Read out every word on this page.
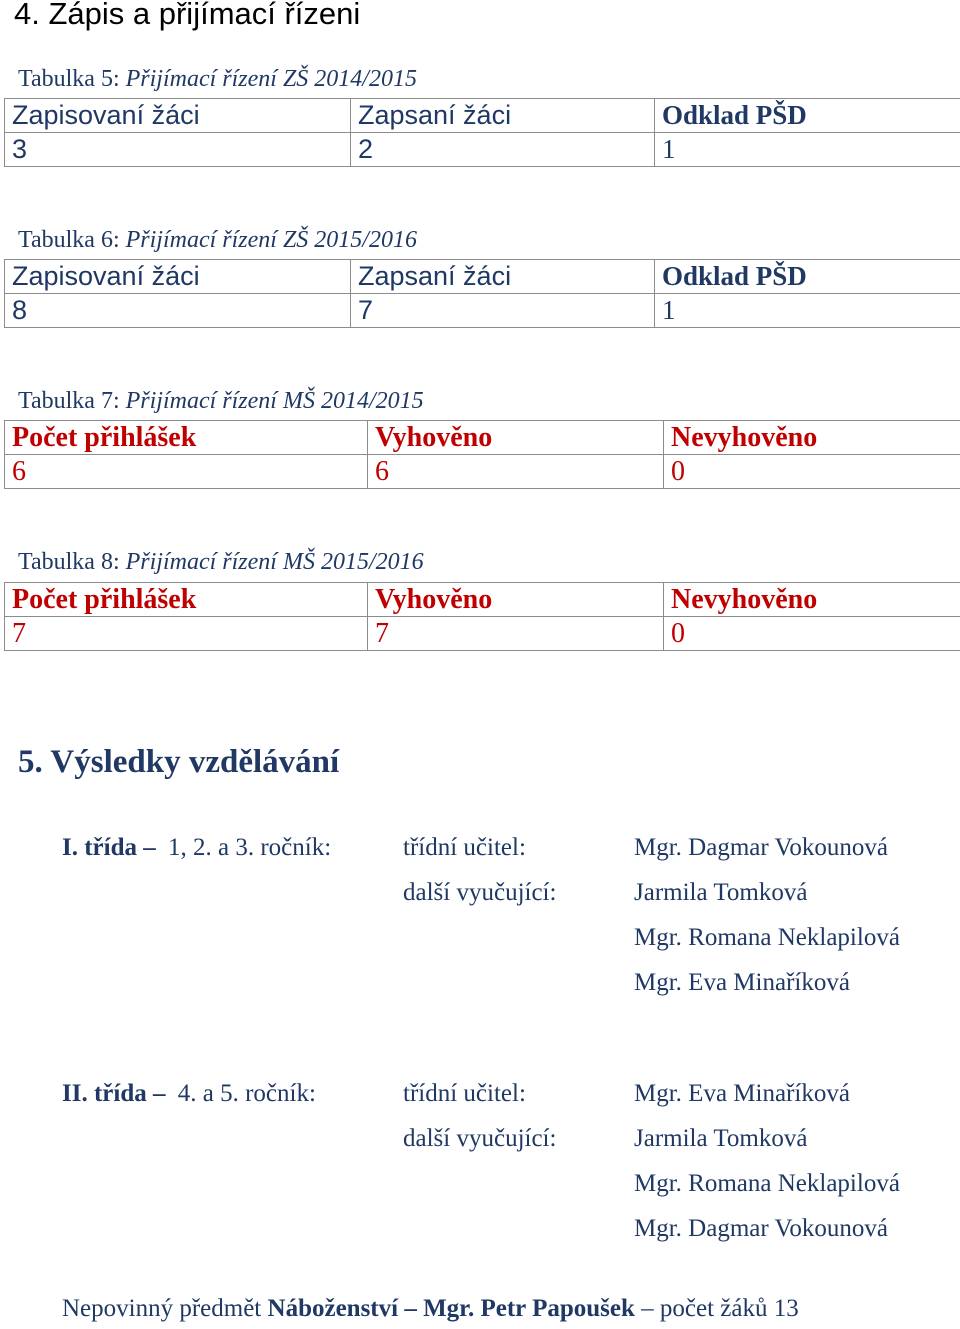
4. Zápis a přijímací řízeni
Tabulka 5: Přijímací řízení ZŠ 2014/2015
Zapisovaní žáci	Zapsaní žáci	Odklad PŠD
3	2	1
Tabulka 6: Přijímací řízení ZŠ 2015/2016
Zapisovaní žáci	Zapsaní žáci	Odklad PŠD
8	7	1
Tabulka 7: Přijímací řízení MŠ 2014/2015
Počet přihlášek	Vyhověno	Nevyhověno
6	6	0
Tabulka 8: Přijímací řízení MŠ 2015/2016
Počet přihlášek	Vyhověno	Nevyhověno
7	7	0
5. Výsledky vzdělávání
I. třída – 1, 2. a 3. ročník:	třídní učitel:	Mgr. Dagmar Vokounová
další vyučující:	Jarmila Tomková
Mgr. Romana Neklapilová
Mgr. Eva Minaříková
II. třída – 4. a 5. ročník:	třídní učitel:	Mgr. Eva Minaříková
další vyučující:	Jarmila Tomková
Mgr. Romana Neklapilová
Mgr. Dagmar Vokounová
Nepovinný předmět Náboženství – Mgr. Petr Papoušek – počet žáků 13
